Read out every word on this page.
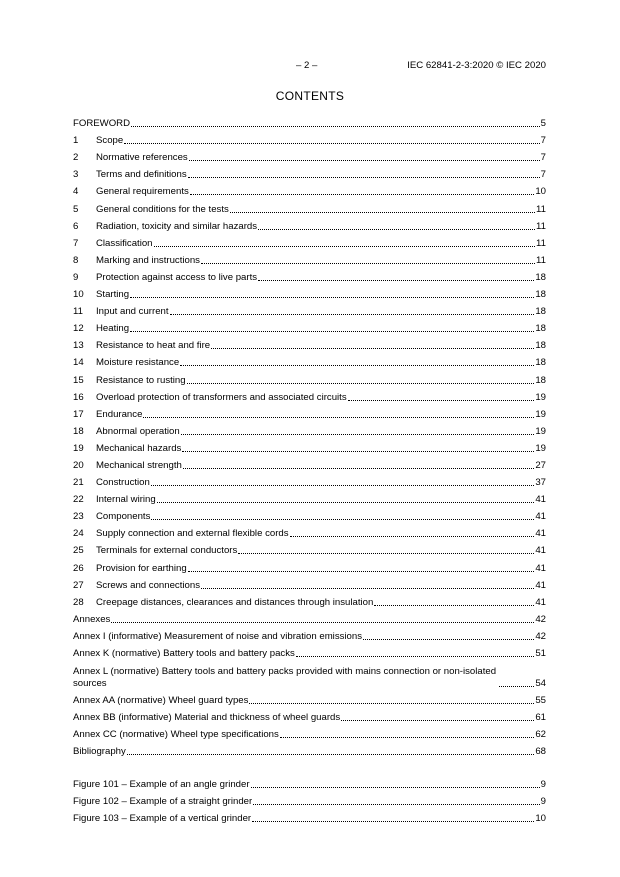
– 2 –	IEC 62841-2-3:2020 © IEC 2020
CONTENTS
FOREWORD	5
1	Scope	7
2	Normative references	7
3	Terms and definitions	7
4	General requirements	10
5	General conditions for the tests	11
6	Radiation, toxicity and similar hazards	11
7	Classification	11
8	Marking and instructions	11
9	Protection against access to live parts	18
10	Starting	18
11	Input and current	18
12	Heating	18
13	Resistance to heat and fire	18
14	Moisture resistance	18
15	Resistance to rusting	18
16	Overload protection of transformers and associated circuits	19
17	Endurance	19
18	Abnormal operation	19
19	Mechanical hazards	19
20	Mechanical strength	27
21	Construction	37
22	Internal wiring	41
23	Components	41
24	Supply connection and external flexible cords	41
25	Terminals for external conductors	41
26	Provision for earthing	41
27	Screws and connections	41
28	Creepage distances, clearances and distances through insulation	41
Annexes	42
Annex I (informative) Measurement of noise and vibration emissions	42
Annex K (normative) Battery tools and battery packs	51
Annex L (normative) Battery tools and battery packs provided with mains connection or non-isolated sources	54
Annex AA (normative) Wheel guard types	55
Annex BB (informative) Material and thickness of wheel guards	61
Annex CC (normative) Wheel type specifications	62
Bibliography	68
Figure 101 – Example of an angle grinder	9
Figure 102 – Example of a straight grinder	9
Figure 103 – Example of a vertical grinder	10
